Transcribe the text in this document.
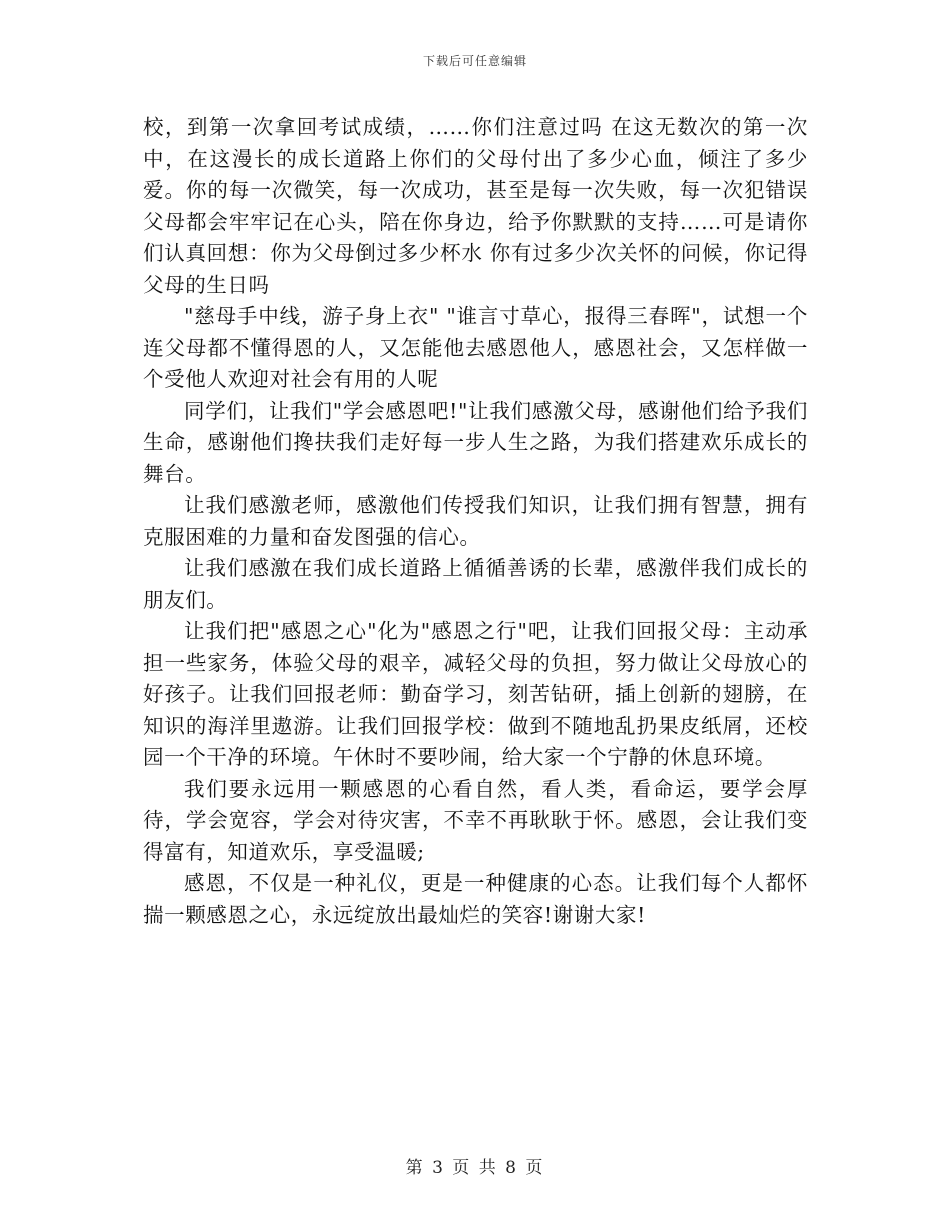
下载后可任意编辑

校，到第一次拿回考试成绩，……你们注意过吗 在这无数次的第一次中，在这漫长的成长道路上你们的父母付出了多少心血，倾注了多少爱。你的每一次微笑，每一次成功，甚至是每一次失败，每一次犯错误父母都会牢牢记在心头，陪在你身边，给予你默默的支持……可是请你们认真回想：你为父母倒过多少杯水 你有过多少次关怀的问候，你记得父母的生日吗

"慈母手中线，游子身上衣" "谁言寸草心，报得三春晖"，试想一个连父母都不懂得恩的人，又怎能他去感恩他人，感恩社会，又怎样做一个受他人欢迎对社会有用的人呢

同学们，让我们"学会感恩吧!"让我们感激父母，感谢他们给予我们生命，感谢他们搀扶我们走好每一步人生之路，为我们搭建欢乐成长的舞台。

让我们感激老师，感激他们传授我们知识，让我们拥有智慧，拥有克服困难的力量和奋发图强的信心。

让我们感激在我们成长道路上循循善诱的长辈，感激伴我们成长的朋友们。

让我们把"感恩之心"化为"感恩之行"吧，让我们回报父母：主动承担一些家务，体验父母的艰辛，减轻父母的负担，努力做让父母放心的好孩子。让我们回报老师：勤奋学习，刻苦钻研，插上创新的翅膀，在知识的海洋里遨游。让我们回报学校：做到不随地乱扔果皮纸屑，还校园一个干净的环境。午休时不要吵闹，给大家一个宁静的休息环境。

我们要永远用一颗感恩的心看自然，看人类，看命运，要学会厚待，学会宽容，学会对待灾害，不幸不再耿耿于怀。感恩，会让我们变得富有，知道欢乐，享受温暖;

感恩，不仅是一种礼仪，更是一种健康的心态。让我们每个人都怀揣一颗感恩之心，永远绽放出最灿烂的笑容!谢谢大家!

第 3 页 共 8 页
